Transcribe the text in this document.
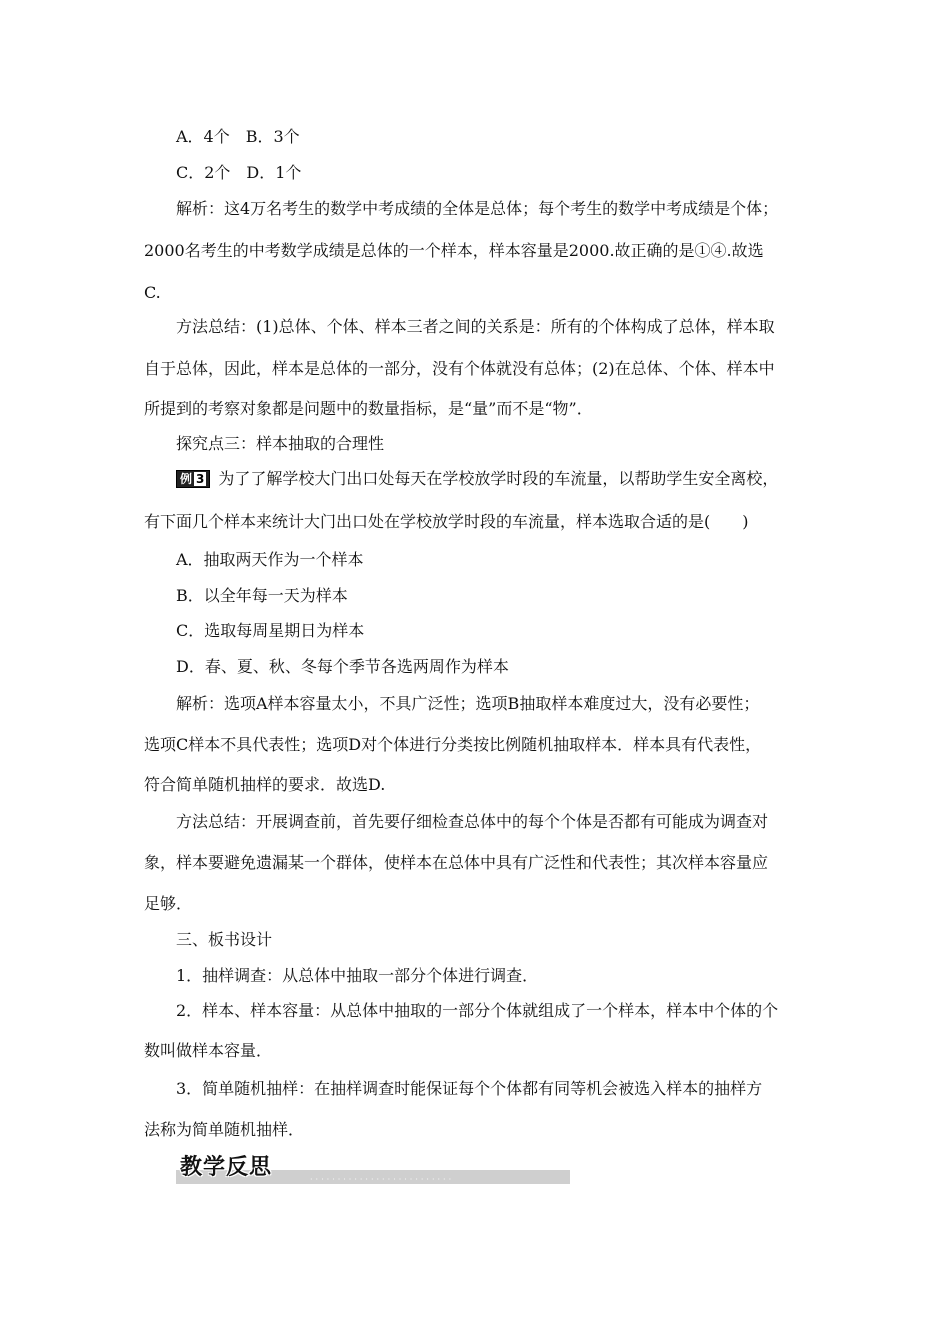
A．4个　B．3个
C．2个　D．1个
解析：这4万名考生的数学中考成绩的全体是总体；每个考生的数学中考成绩是个体；
2000名考生的中考数学成绩是总体的一个样本，样本容量是2000.故正确的是①④.故选
C.
方法总结：(1)总体、个体、样本三者之间的关系是：所有的个体构成了总体，样本取
自于总体，因此，样本是总体的一部分，没有个体就没有总体；(2)在总体、个体、样本中
所提到的考察对象都是问题中的数量指标，是“量”而不是“物”．
探究点三：样本抽取的合理性
例 3 为了了解学校大门出口处每天在学校放学时段的车流量，以帮助学生安全离校，
有下面几个样本来统计大门出口处在学校放学时段的车流量，样本选取合适的是(　　)
A．抽取两天作为一个样本
B．以全年每一天为样本
C．选取每周星期日为样本
D．春、夏、秋、冬每个季节各选两周作为样本
解析：选项A样本容量太小，不具广泛性；选项B抽取样本难度过大，没有必要性；
选项C样本不具代表性；选项D对个体进行分类按比例随机抽取样本．样本具有代表性，
符合简单随机抽样的要求．故选D.
方法总结：开展调查前，首先要仔细检查总体中的每个个体是否都有可能成为调查对
象，样本要避免遗漏某一个群体，使样本在总体中具有广泛性和代表性；其次样本容量应
足够．
三、板书设计
1．抽样调查：从总体中抽取一部分个体进行调查．
2．样本、样本容量：从总体中抽取的一部分个体就组成了一个样本，样本中个体的个
数叫做样本容量．
3．简单随机抽样：在抽样调查时能保证每个个体都有同等机会被选入样本的抽样方
法称为简单随机抽样．
··························
教学反思
